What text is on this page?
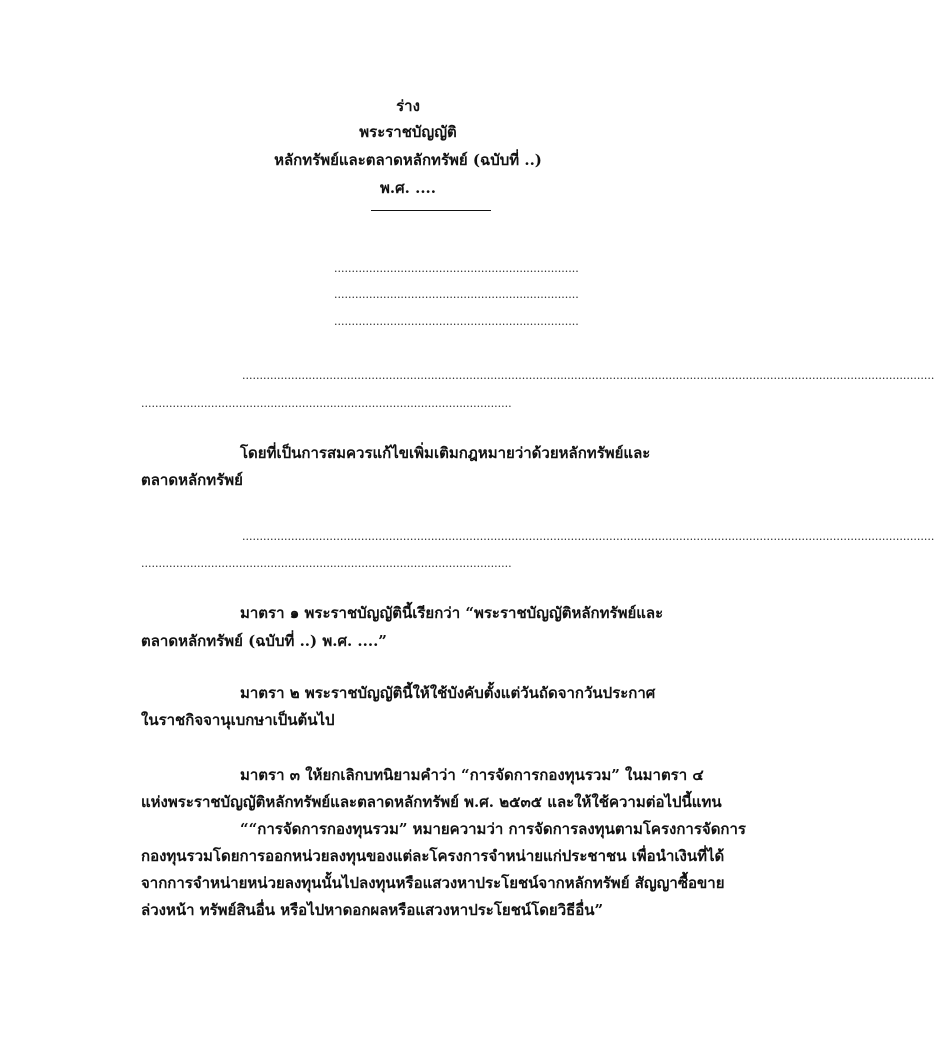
ร่าง
พระราชบัญญัติ
หลักทรัพย์และตลาดหลักทรัพย์ (ฉบับที่ ..)
พ.ศ. ....
......................................................................
......................................................................
......................................................................
......................................................................................................................................................................................................
..........................................................................................................
โดยที่เป็นการสมควรแก้ไขเพิ่มเติมกฎหมายว่าด้วยหลักทรัพย์และ
ตลาดหลักทรัพย์
......................................................................................................................................................................................................
..........................................................................................................
มาตรา ๑ พระราชบัญญัตินี้เรียกว่า “พระราชบัญญัติหลักทรัพย์และ
ตลาดหลักทรัพย์ (ฉบับที่ ..) พ.ศ. ....”
มาตรา ๒ พระราชบัญญัตินี้ให้ใช้บังคับตั้งแต่วันถัดจากวันประกาศ
ในราชกิจจานุเบกษาเป็นต้นไป
มาตรา ๓ ให้ยกเลิกบทนิยามคำว่า “การจัดการกองทุนรวม” ในมาตรา ๔
แห่งพระราชบัญญัติหลักทรัพย์และตลาดหลักทรัพย์ พ.ศ. ๒๕๓๕ และให้ใช้ความต่อไปนี้แทน
““การจัดการกองทุนรวม” หมายความว่า การจัดการลงทุนตามโครงการจัดการ
กองทุนรวมโดยการออกหน่วยลงทุนของแต่ละโครงการจำหน่ายแก่ประชาชน เพื่อนำเงินที่ได้
จากการจำหน่ายหน่วยลงทุนนั้นไปลงทุนหรือแสวงหาประโยชน์จากหลักทรัพย์ สัญญาซื้อขาย
ล่วงหน้า ทรัพย์สินอื่น หรือไปหาดอกผลหรือแสวงหาประโยชน์โดยวิธีอื่น”
